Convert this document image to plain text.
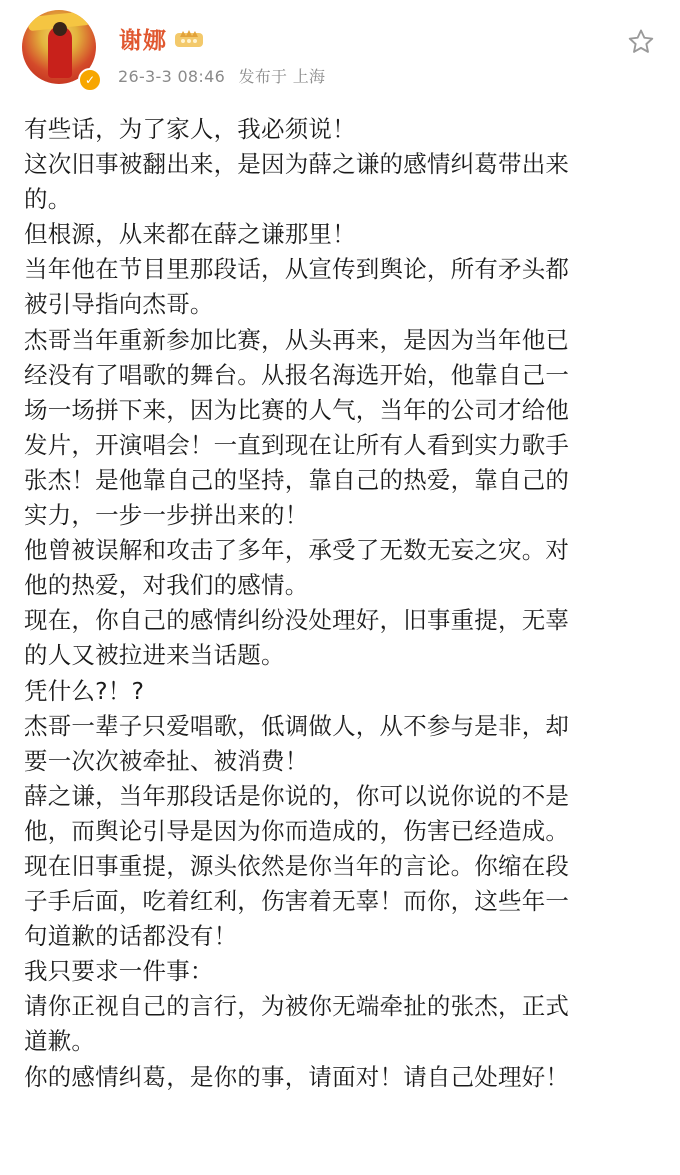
✓
谢娜
26-3-3 08:46 发布于 上海
有些话，为了家人，我必须说！
这次旧事被翻出来，是因为薛之谦的感情纠葛带出来
的。
但根源，从来都在薛之谦那里！
当年他在节目里那段话，从宣传到舆论，所有矛头都
被引导指向杰哥。
杰哥当年重新参加比赛，从头再来，是因为当年他已
经没有了唱歌的舞台。从报名海选开始，他靠自己一
场一场拼下来，因为比赛的人气，当年的公司才给他
发片，开演唱会！一直到现在让所有人看到实力歌手
张杰！是他靠自己的坚持，靠自己的热爱，靠自己的
实力，一步一步拼出来的！
他曾被误解和攻击了多年，承受了无数无妄之灾。对
他的热爱，对我们的感情。
现在，你自己的感情纠纷没处理好，旧事重提，无辜
的人又被拉进来当话题。
凭什么?！?
杰哥一辈子只爱唱歌，低调做人，从不参与是非，却
要一次次被牵扯、被消费！
薛之谦，当年那段话是你说的，你可以说你说的不是
他，而舆论引导是因为你而造成的，伤害已经造成。
现在旧事重提，源头依然是你当年的言论。你缩在段
子手后面，吃着红利，伤害着无辜！而你，这些年一
句道歉的话都没有！
我只要求一件事：
请你正视自己的言行，为被你无端牵扯的张杰，正式
道歉。
你的感情纠葛，是你的事，请面对！请自己处理好！
